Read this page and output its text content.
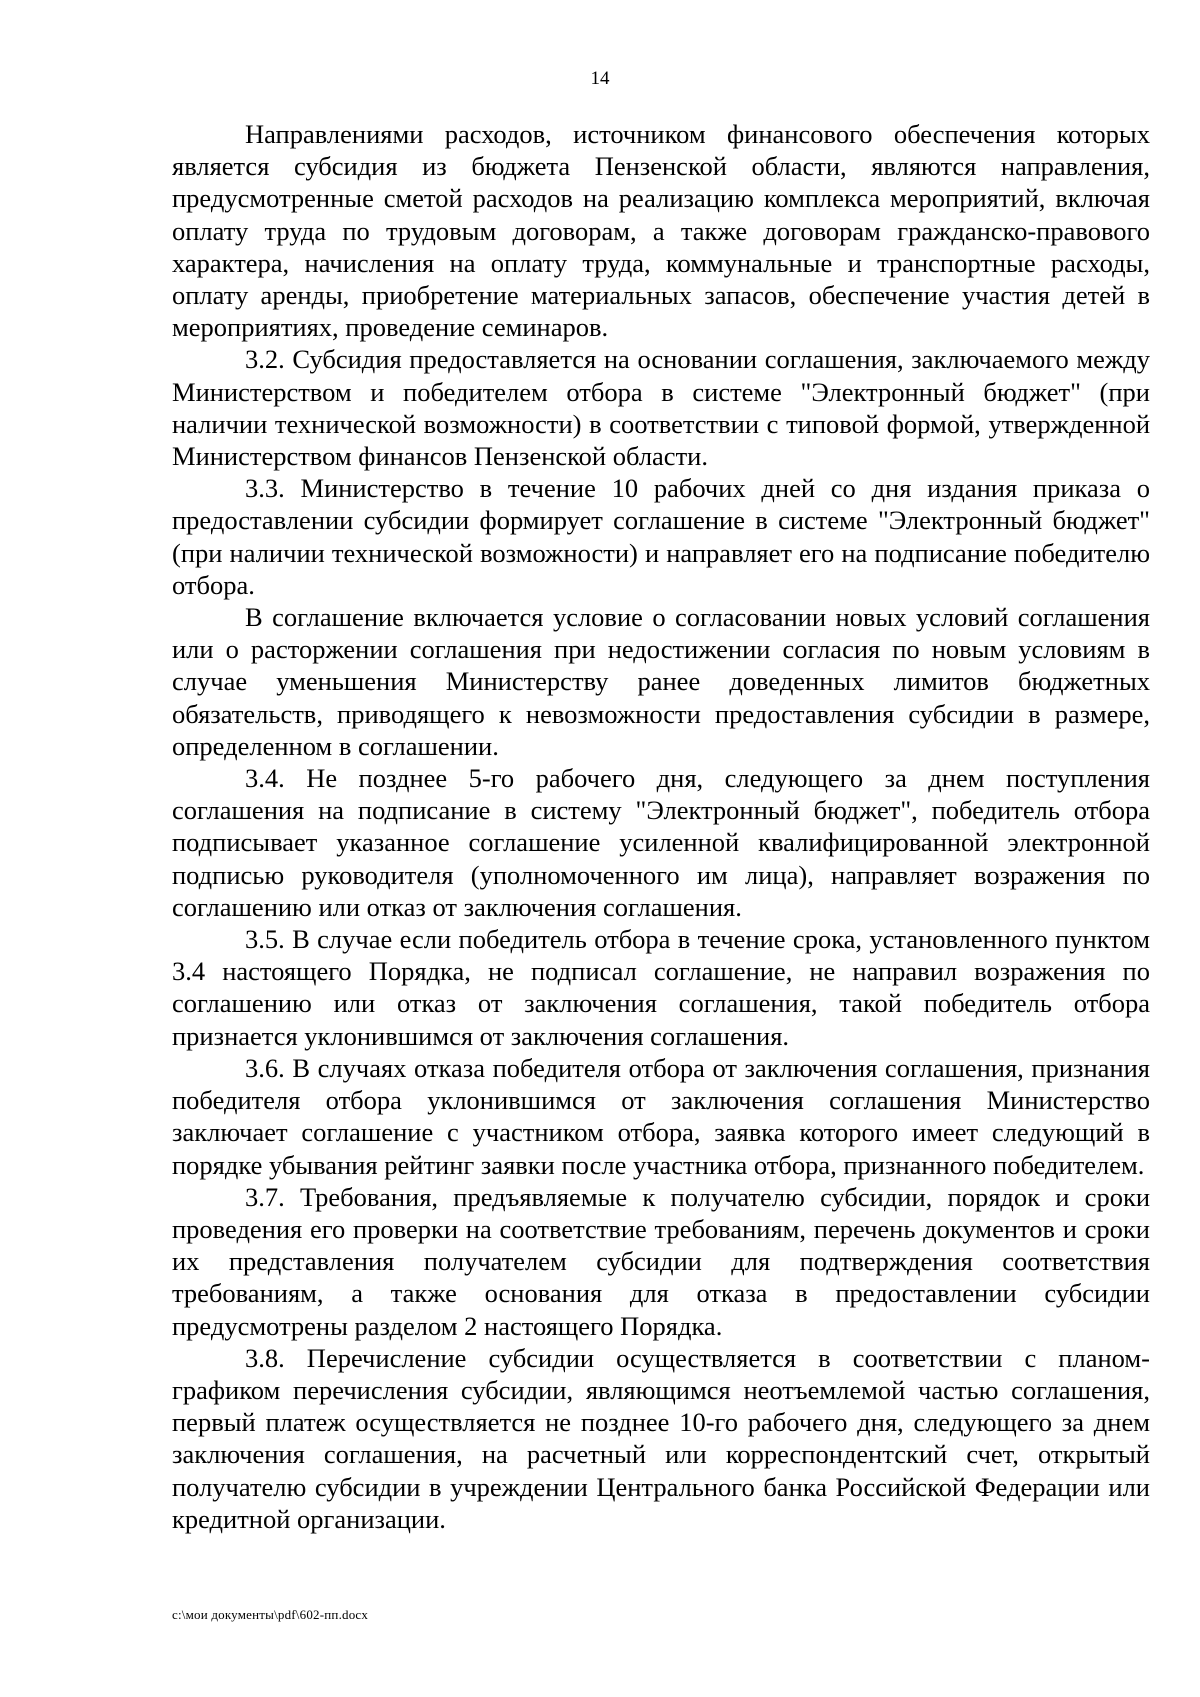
14

Направлениями расходов, источником финансового обеспечения которых является субсидия из бюджета Пензенской области, являются направления, предусмотренные сметой расходов на реализацию комплекса мероприятий, включая оплату труда по трудовым договорам, а также договорам гражданско-правового характера, начисления на оплату труда, коммунальные и транспортные расходы, оплату аренды, приобретение материальных запасов, обеспечение участия детей в мероприятиях, проведение семинаров.

3.2. Субсидия предоставляется на основании соглашения, заключаемого между Министерством и победителем отбора в системе "Электронный бюджет" (при наличии технической возможности) в соответствии с типовой формой, утвержденной Министерством финансов Пензенской области.

3.3. Министерство в течение 10 рабочих дней со дня издания приказа о предоставлении субсидии формирует соглашение в системе "Электронный бюджет" (при наличии технической возможности) и направляет его на подписание победителю отбора.

В соглашение включается условие о согласовании новых условий соглашения или о расторжении соглашения при недостижении согласия по новым условиям в случае уменьшения Министерству ранее доведенных лимитов бюджетных обязательств, приводящего к невозможности предоставления субсидии в размере, определенном в соглашении.

3.4. Не позднее 5-го рабочего дня, следующего за днем поступления соглашения на подписание в систему "Электронный бюджет", победитель отбора подписывает указанное соглашение усиленной квалифицированной электронной подписью руководителя (уполномоченного им лица), направляет возражения по соглашению или отказ от заключения соглашения.

3.5. В случае если победитель отбора в течение срока, установленного пунктом 3.4 настоящего Порядка, не подписал соглашение, не направил возражения по соглашению или отказ от заключения соглашения, такой победитель отбора признается уклонившимся от заключения соглашения.

3.6. В случаях отказа победителя отбора от заключения соглашения, признания победителя отбора уклонившимся от заключения соглашения Министерство заключает соглашение с участником отбора, заявка которого имеет следующий в порядке убывания рейтинг заявки после участника отбора, признанного победителем.

3.7. Требования, предъявляемые к получателю субсидии, порядок и сроки проведения его проверки на соответствие требованиям, перечень документов и сроки их представления получателем субсидии для подтверждения соответствия требованиям, а также основания для отказа в предоставлении субсидии предусмотрены разделом 2 настоящего Порядка.

3.8. Перечисление субсидии осуществляется в соответствии с планом-графиком перечисления субсидии, являющимся неотъемлемой частью соглашения, первый платеж осуществляется не позднее 10-го рабочего дня, следующего за днем заключения соглашения, на расчетный или корреспондентский счет, открытый получателю субсидии в учреждении Центрального банка Российской Федерации или кредитной организации.

c:\мои документы\pdf\602-пп.docx
